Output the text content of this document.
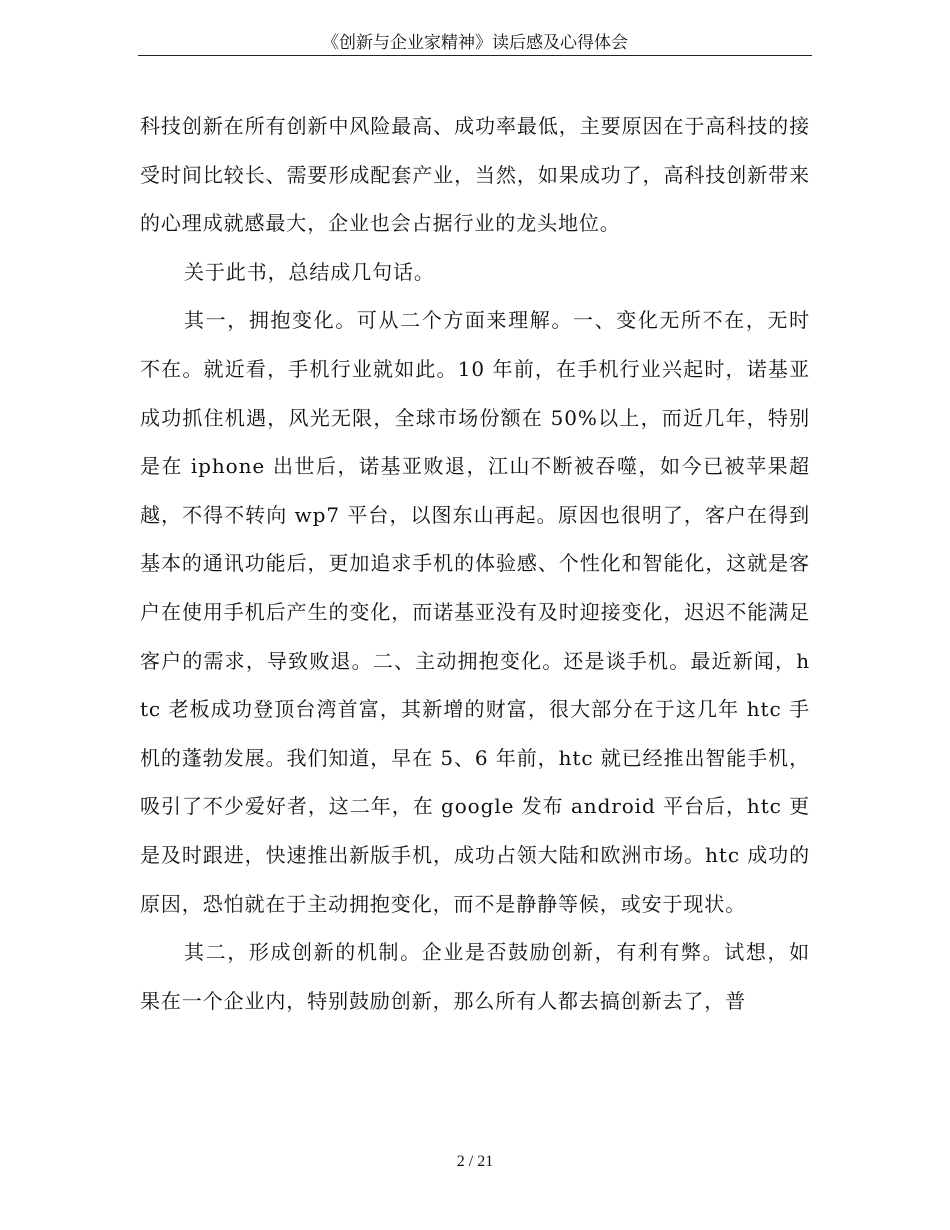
《创新与企业家精神》读后感及心得体会

科技创新在所有创新中风险最高、成功率最低，主要原因在于高科技的接受时间比较长、需要形成配套产业，当然，如果成功了，高科技创新带来的心理成就感最大，企业也会占据行业的龙头地位。

关于此书，总结成几句话。

其一，拥抱变化。可从二个方面来理解。一、变化无所不在，无时不在。就近看，手机行业就如此。10 年前，在手机行业兴起时，诺基亚成功抓住机遇，风光无限，全球市场份额在 50%以上，而近几年，特别是在 iphone 出世后，诺基亚败退，江山不断被吞噬，如今已被苹果超越，不得不转向 wp7 平台，以图东山再起。原因也很明了，客户在得到基本的通讯功能后，更加追求手机的体验感、个性化和智能化，这就是客户在使用手机后产生的变化，而诺基亚没有及时迎接变化，迟迟不能满足客户的需求，导致败退。二、主动拥抱变化。还是谈手机。最近新闻，htc 老板成功登顶台湾首富，其新增的财富，很大部分在于这几年 htc 手机的蓬勃发展。我们知道，早在 5、6 年前，htc 就已经推出智能手机，吸引了不少爱好者，这二年，在 google 发布 android 平台后，htc 更是及时跟进，快速推出新版手机，成功占领大陆和欧洲市场。htc 成功的原因，恐怕就在于主动拥抱变化，而不是静静等候，或安于现状。

其二，形成创新的机制。企业是否鼓励创新，有利有弊。试想，如果在一个企业内，特别鼓励创新，那么所有人都去搞创新去了，普

2 / 21
